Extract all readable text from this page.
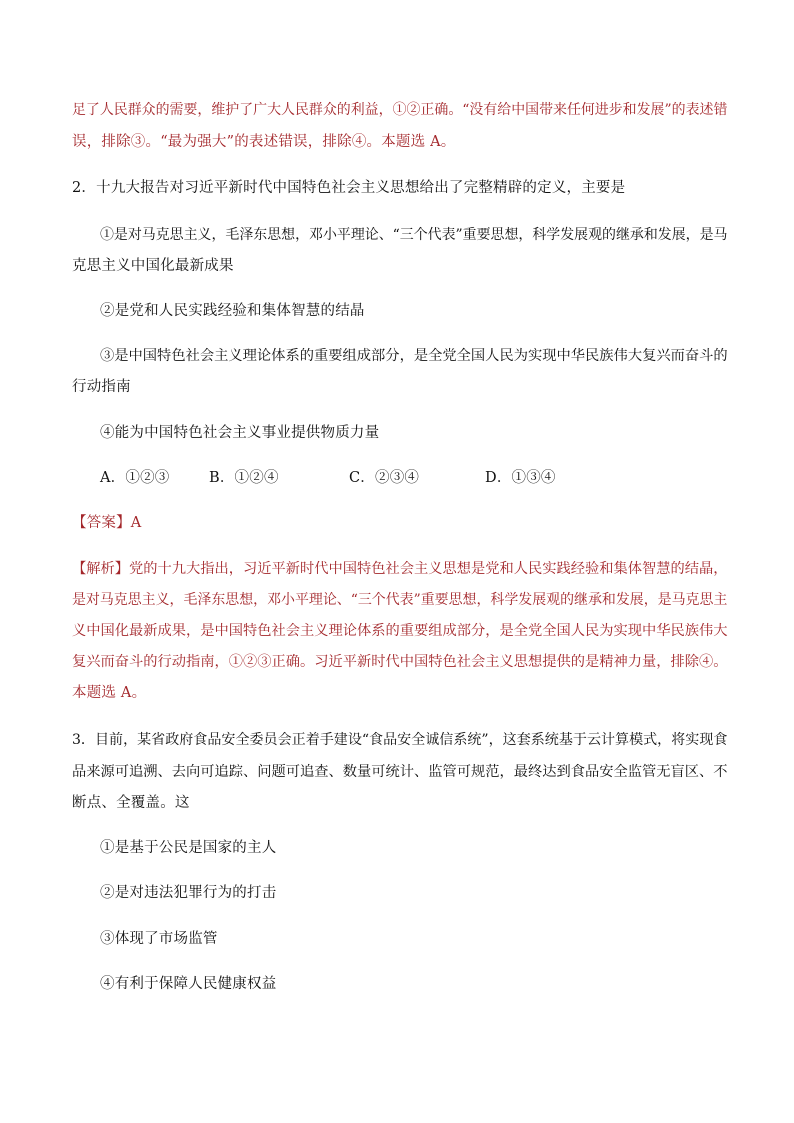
足了人民群众的需要，维护了广大人民群众的利益，①②正确。“没有给中国带来任何进步和发展”的表述错
误，排除③。“最为强大”的表述错误，排除④。本题选 A。
2．十九大报告对习近平新时代中国特色社会主义思想给出了完整精辟的定义，主要是
①是对马克思主义，毛泽东思想，邓小平理论、“三个代表”重要思想，科学发展观的继承和发展，是马
克思主义中国化最新成果
②是党和人民实践经验和集体智慧的结晶
③是中国特色社会主义理论体系的重要组成部分，是全党全国人民为实现中华民族伟大复兴而奋斗的
行动指南
④能为中国特色社会主义事业提供物质力量
A．①②③	B．①②④	C．②③④	D．①③④
【答案】A
【解析】党的十九大指出，习近平新时代中国特色社会主义思想是党和人民实践经验和集体智慧的结晶，
是对马克思主义，毛泽东思想，邓小平理论、“三个代表”重要思想，科学发展观的继承和发展，是马克思主
义中国化最新成果，是中国特色社会主义理论体系的重要组成部分，是全党全国人民为实现中华民族伟大
复兴而奋斗的行动指南，①②③正确。习近平新时代中国特色社会主义思想提供的是精神力量，排除④。
本题选 A。
3．目前，某省政府食品安全委员会正着手建设“食品安全诚信系统”，这套系统基于云计算模式，将实现食
品来源可追溯、去向可追踪、问题可追查、数量可统计、监管可规范，最终达到食品安全监管无盲区、不
断点、全覆盖。这
①是基于公民是国家的主人
②是对违法犯罪行为的打击
③体现了市场监管
④有利于保障人民健康权益
